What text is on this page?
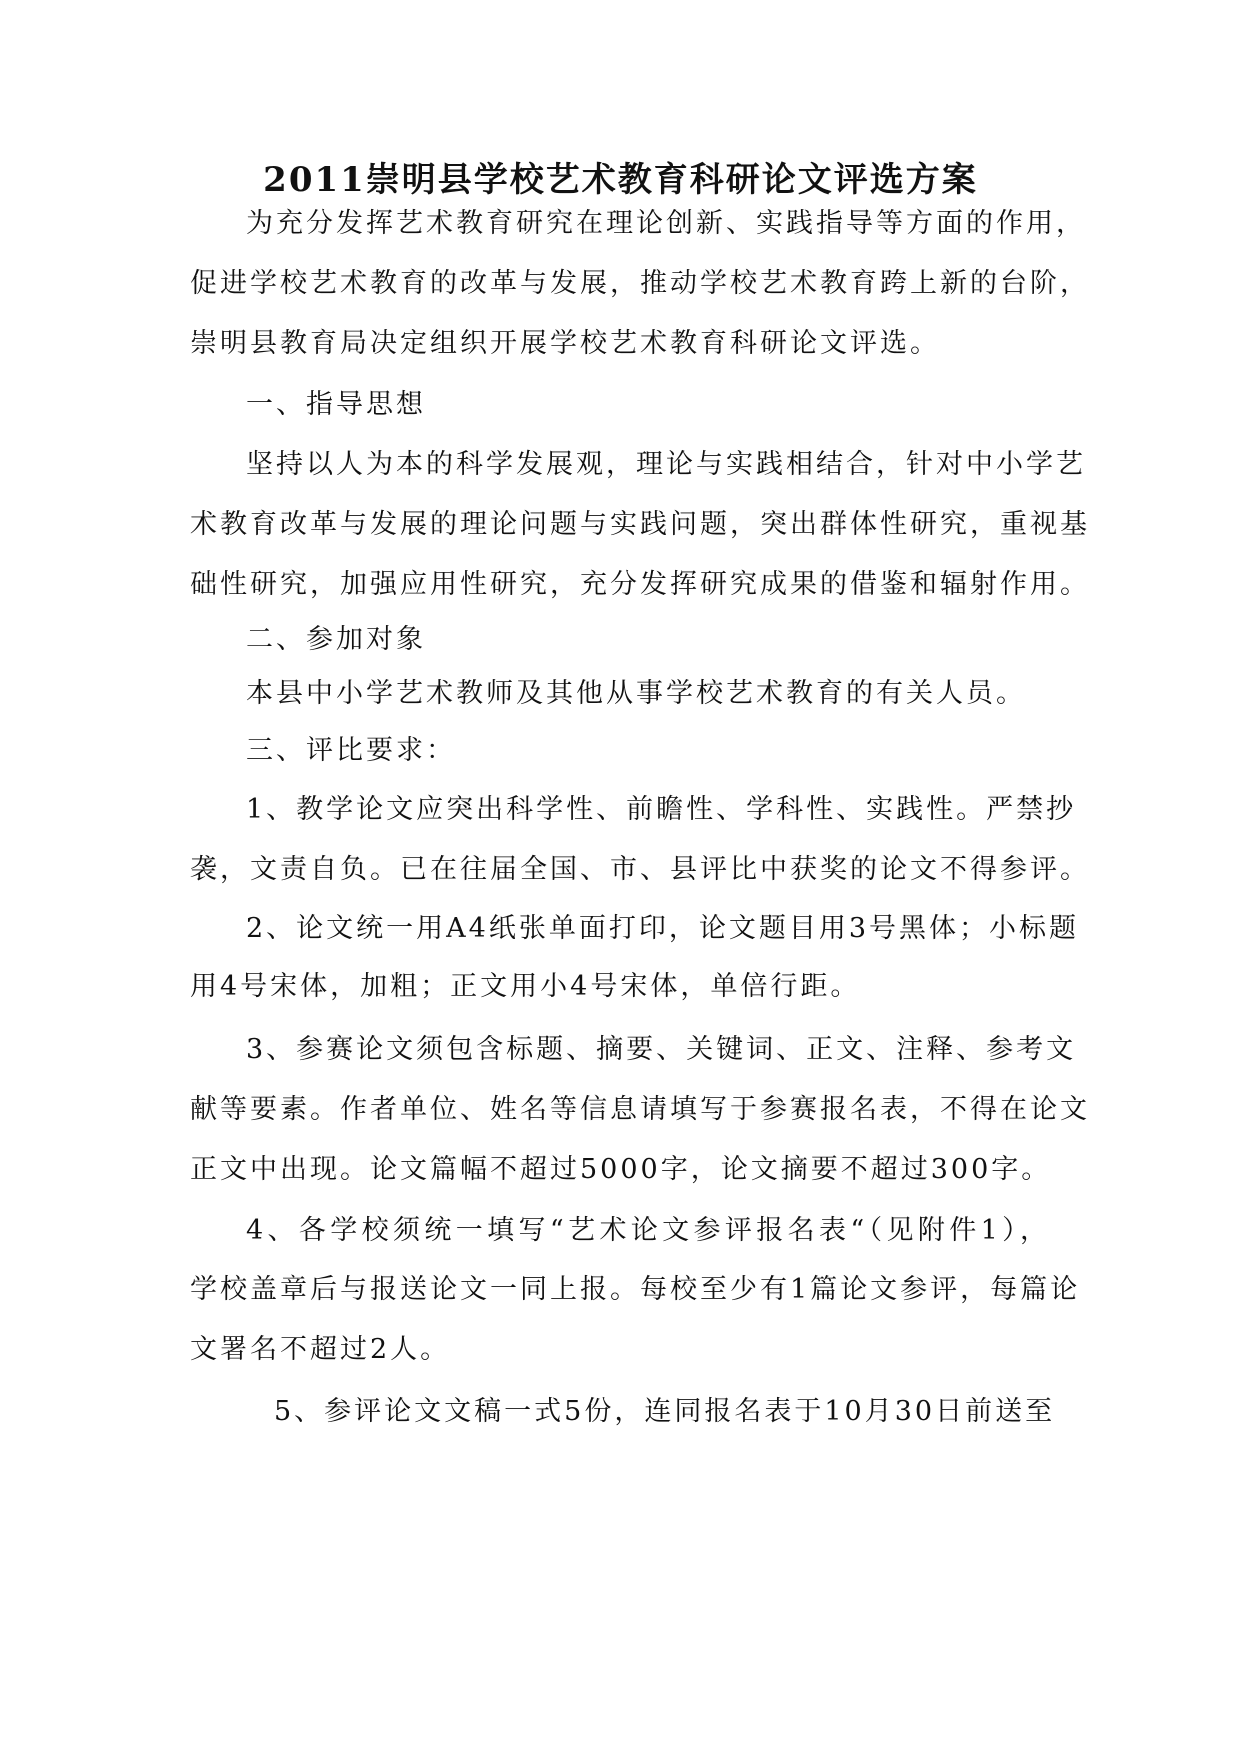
2011崇明县学校艺术教育科研论文评选方案
为充分发挥艺术教育研究在理论创新、实践指导等方面的作用，
促进学校艺术教育的改革与发展，推动学校艺术教育跨上新的台阶，
崇明县教育局决定组织开展学校艺术教育科研论文评选。
一、指导思想
坚持以人为本的科学发展观，理论与实践相结合，针对中小学艺
术教育改革与发展的理论问题与实践问题，突出群体性研究，重视基
础性研究，加强应用性研究，充分发挥研究成果的借鉴和辐射作用。
二、参加对象
本县中小学艺术教师及其他从事学校艺术教育的有关人员。
三、评比要求：
1、教学论文应突出科学性、前瞻性、学科性、实践性。严禁抄
袭，文责自负。已在往届全国、市、县评比中获奖的论文不得参评。
2、论文统一用A4纸张单面打印，论文题目用3号黑体；小标题
用4号宋体，加粗；正文用小4号宋体，单倍行距。
3、参赛论文须包含标题、摘要、关键词、正文、注释、参考文
献等要素。作者单位、姓名等信息请填写于参赛报名表，不得在论文
正文中出现。论文篇幅不超过5000字，论文摘要不超过300字。
4、各学校须统一填写“艺术论文参评报名表“（见附件1），
学校盖章后与报送论文一同上报。每校至少有1篇论文参评，每篇论
文署名不超过2人。
5、参评论文文稿一式5份，连同报名表于10月30日前送至
